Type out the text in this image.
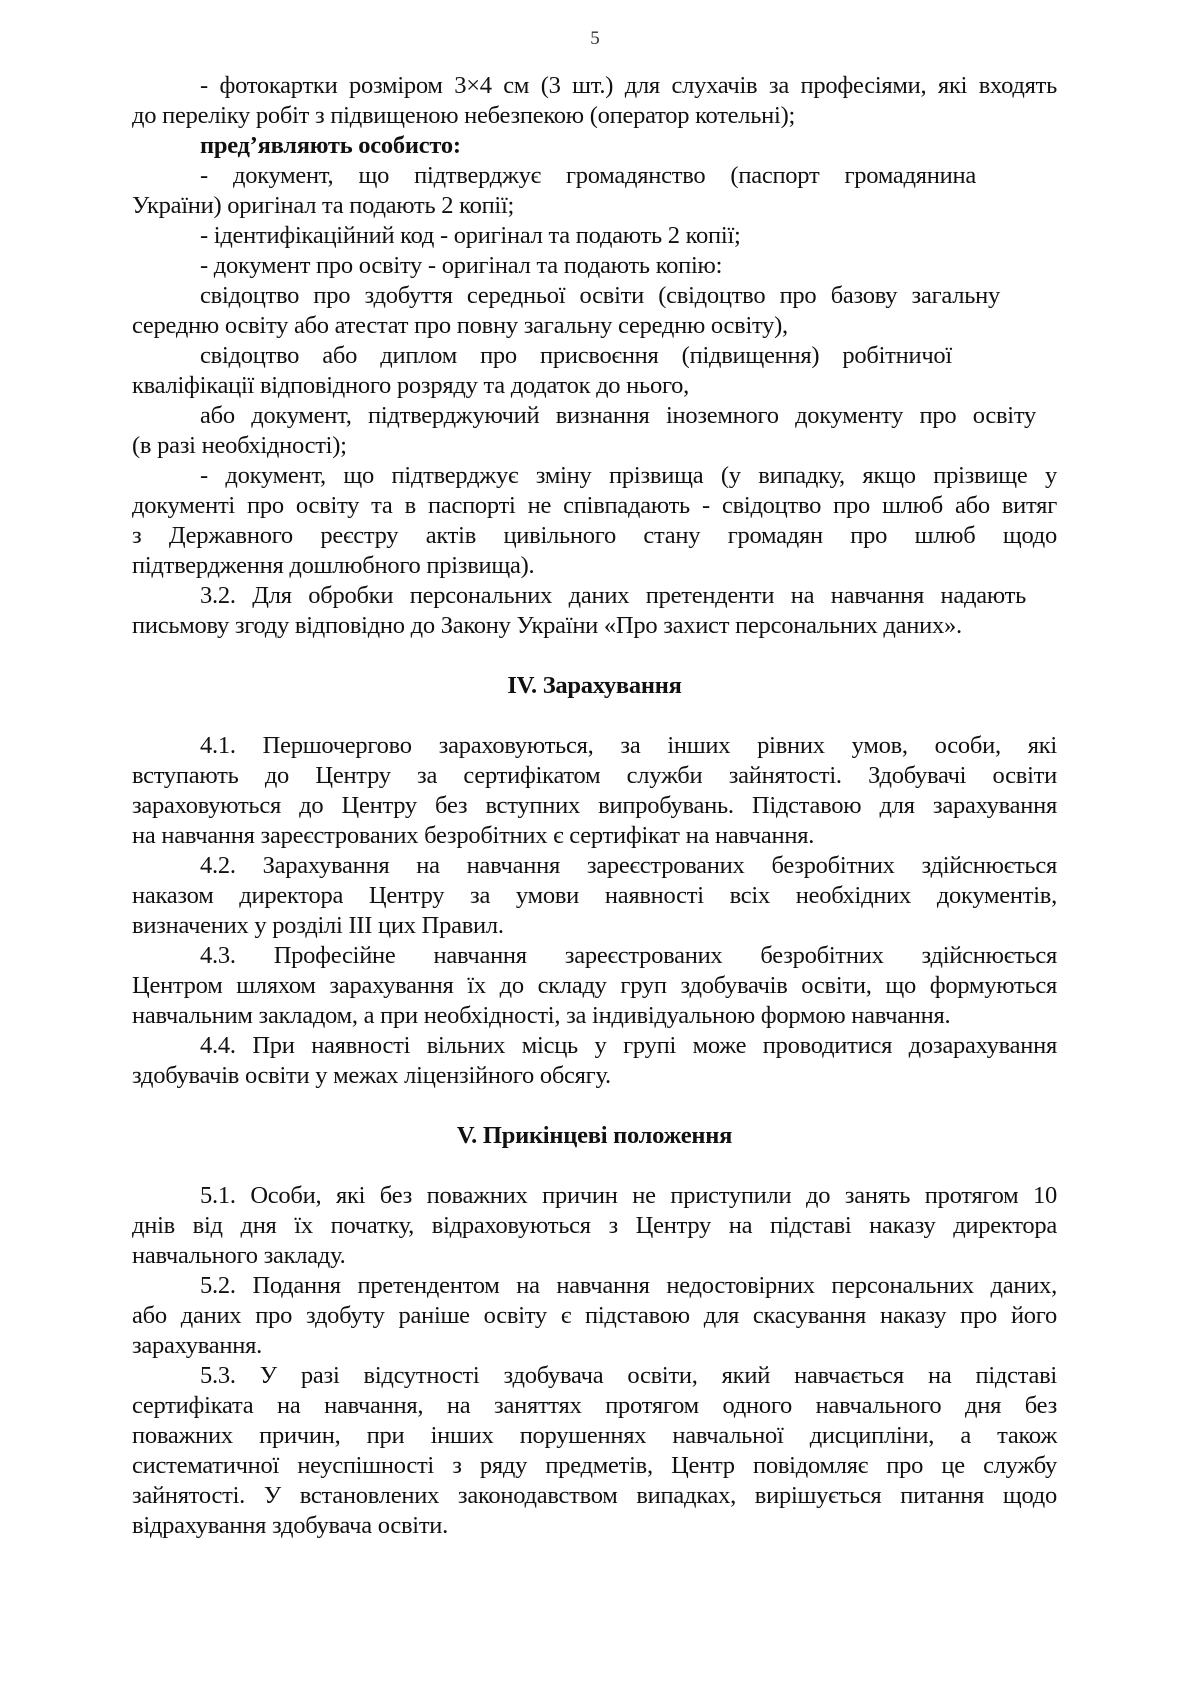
5
- фотокартки розміром 3×4 см (3 шт.) для слухачів за професіями, які входять
до переліку робіт з підвищеною небезпекою (оператор котельні);
пред’являють особисто:
- документ, що підтверджує громадянство (паспорт громадянина
України) оригінал та подають 2 копії;
- ідентифікаційний код - оригінал та подають 2 копії;
- документ про освіту - оригінал та подають копію:
свідоцтво про здобуття середньої освіти (свідоцтво про базову загальну
середню освіту або атестат про повну загальну середню освіту),
свідоцтво або диплом про присвоєння (підвищення) робітничої
кваліфікації відповідного розряду та додаток до нього,
або документ, підтверджуючий визнання іноземного документу про освіту
(в разі необхідності);
- документ, що підтверджує зміну прізвища (у випадку, якщо прізвище у
документі про освіту та в паспорті не співпадають - свідоцтво про шлюб або витяг
з Державного реєстру актів цивільного стану громадян про шлюб щодо
підтвердження дошлюбного прізвища).
3.2. Для обробки персональних даних претенденти на навчання надають
письмову згоду відповідно до Закону України «Про захист персональних даних».
IV. Зарахування
4.1. Першочергово зараховуються, за інших рівних умов, особи, які
вступають до Центру за сертифікатом служби зайнятості. Здобувачі освіти
зараховуються до Центру без вступних випробувань. Підставою для зарахування
на навчання зареєстрованих безробітних є сертифікат на навчання.
4.2. Зарахування на навчання зареєстрованих безробітних здійснюється
наказом директора Центру за умови наявності всіх необхідних документів,
визначених у розділі ІІІ цих Правил.
4.3. Професійне навчання зареєстрованих безробітних здійснюється
Центром шляхом зарахування їх до складу груп здобувачів освіти, що формуються
навчальним закладом, а при необхідності, за індивідуальною формою навчання.
4.4. При наявності вільних місць у групі може проводитися дозарахування
здобувачів освіти у межах ліцензійного обсягу.
V. Прикінцеві положення
5.1. Особи, які без поважних причин не приступили до занять протягом 10
днів від дня їх початку, відраховуються з Центру на підставі наказу директора
навчального закладу.
5.2. Подання претендентом на навчання недостовірних персональних даних,
або даних про здобуту раніше освіту є підставою для скасування наказу про його
зарахування.
5.3. У разі відсутності здобувача освіти, який навчається на підставі
сертифіката на навчання, на заняттях протягом одного навчального дня без
поважних причин, при інших порушеннях навчальної дисципліни, а також
систематичної неуспішності з ряду предметів, Центр повідомляє про це службу
зайнятості. У встановлених законодавством випадках, вирішується питання щодо
відрахування здобувача освіти.
